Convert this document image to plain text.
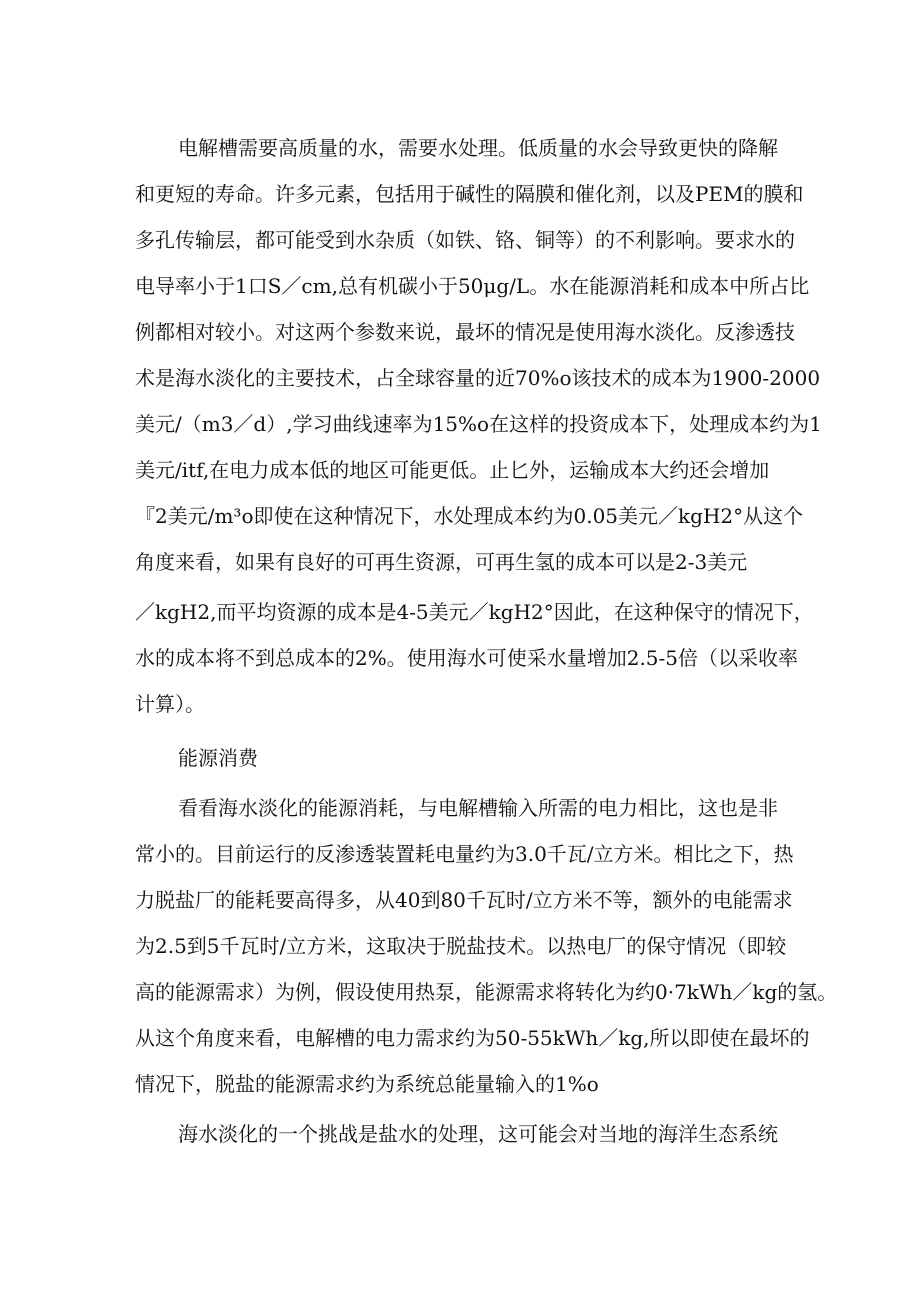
电解槽需要高质量的水，需要水处理。低质量的水会导致更快的降解
和更短的寿命。许多元素，包括用于碱性的隔膜和催化剂，以及PEM的膜和
多孔传输层，都可能受到水杂质（如铁、铬、铜等）的不利影响。要求水的
电导率小于1口S／cm,总有机碳小于50μg/L。水在能源消耗和成本中所占比
例都相对较小。对这两个参数来说，最坏的情况是使用海水淡化。反渗透技
术是海水淡化的主要技术，占全球容量的近70%o该技术的成本为1900-2000
美元/（m3／d）,学习曲线速率为15%o在这样的投资成本下，处理成本约为1
美元/itf,在电力成本低的地区可能更低。止匕外，运输成本大约还会增加
『2美元/m³o即使在这种情况下，水处理成本约为0.05美元／kgH2°从这个
角度来看，如果有良好的可再生资源，可再生氢的成本可以是2-3美元
／kgH2,而平均资源的成本是4-5美元／kgH2°因此，在这种保守的情况下，
水的成本将不到总成本的2%。使用海水可使采水量增加2.5-5倍（以采收率
计算）。
能源消费
看看海水淡化的能源消耗，与电解槽输入所需的电力相比，这也是非
常小的。目前运行的反渗透装置耗电量约为3.0千瓦/立方米。相比之下，热
力脱盐厂的能耗要高得多，从40到80千瓦时/立方米不等，额外的电能需求
为2.5到5千瓦时/立方米，这取决于脱盐技术。以热电厂的保守情况（即较
高的能源需求）为例，假设使用热泵，能源需求将转化为约0·7kWh／kg的氢。
从这个角度来看，电解槽的电力需求约为50-55kWh／kg,所以即使在最坏的
情况下，脱盐的能源需求约为系统总能量输入的1%o
海水淡化的一个挑战是盐水的处理，这可能会对当地的海洋生态系统
